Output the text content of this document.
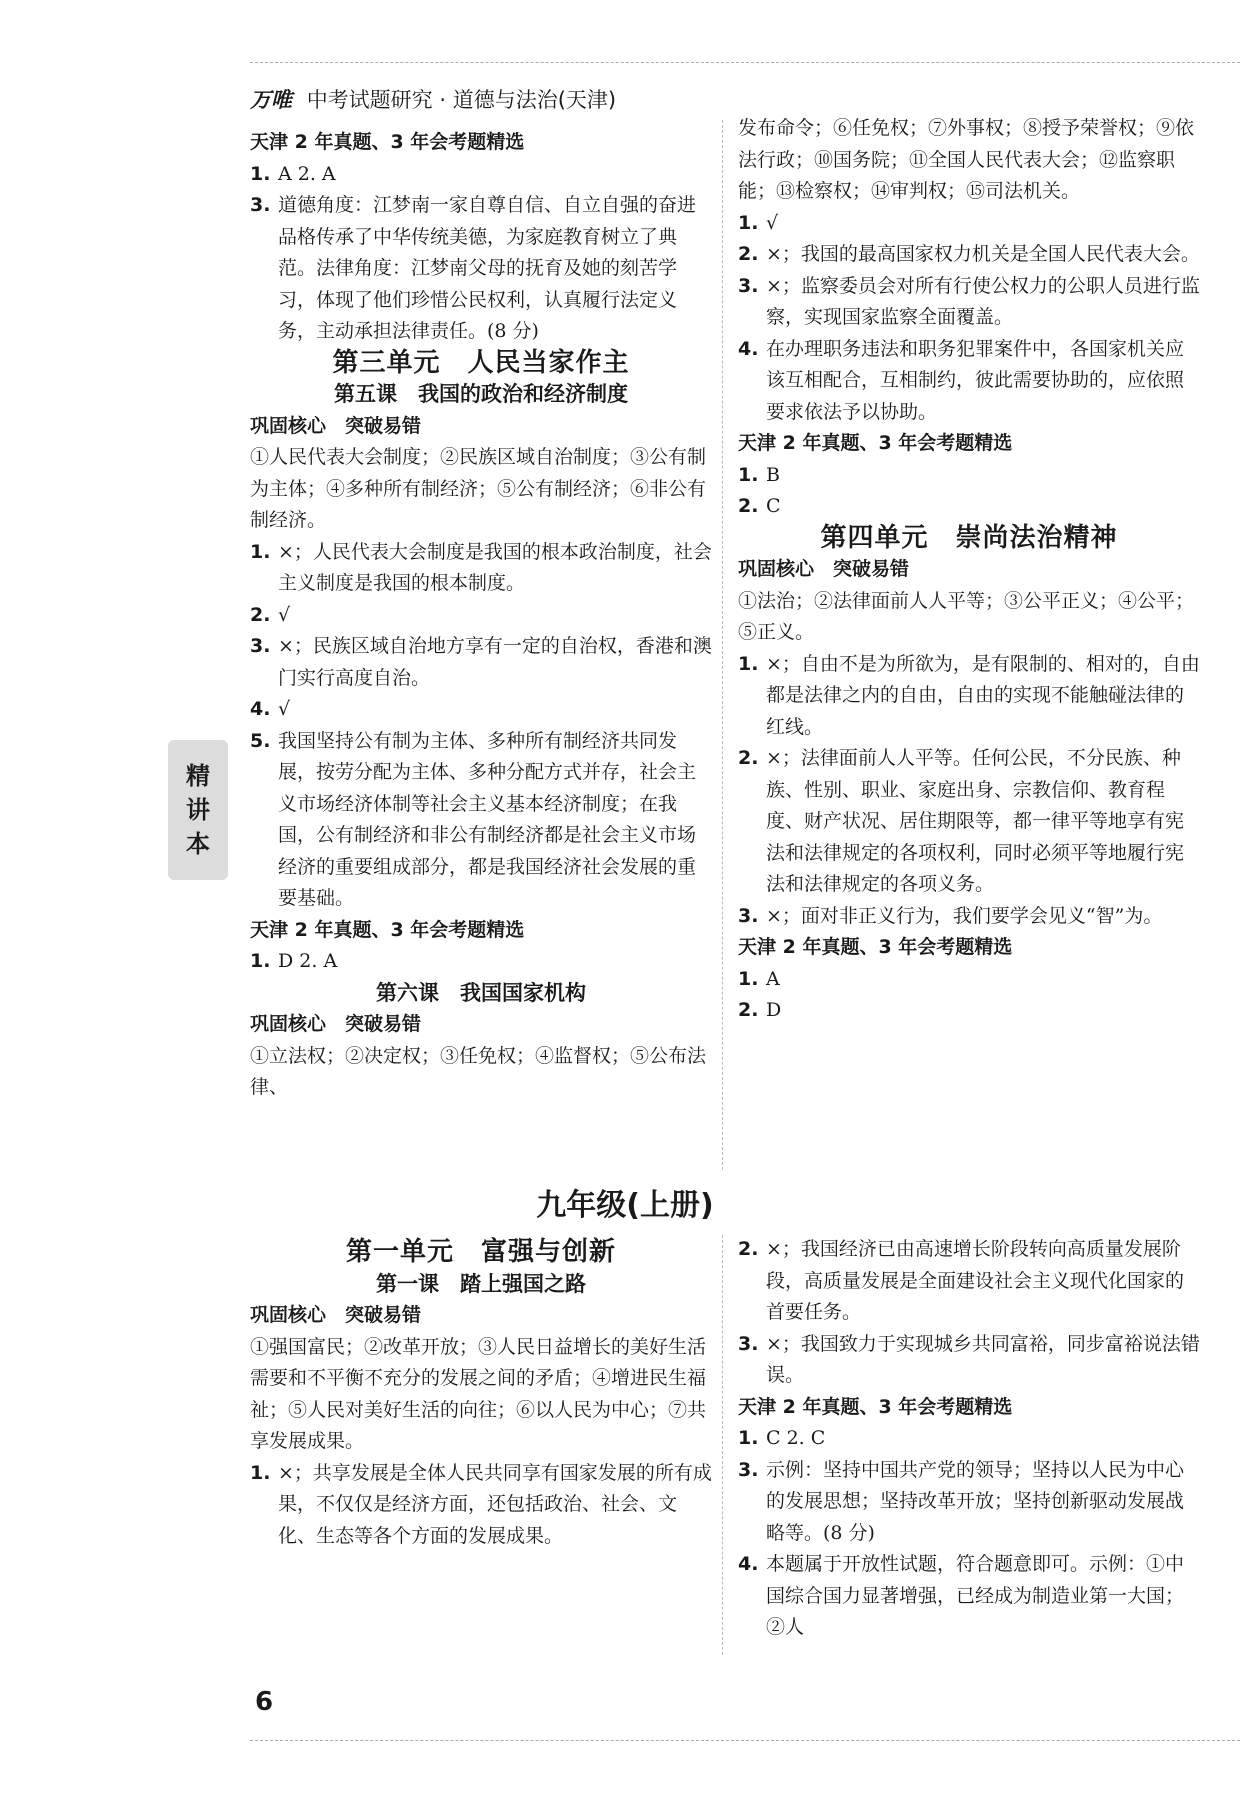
万唯 中考试题研究 · 道德与法治(天津)
精
讲
本

天津 2 年真题、3 年会考题精选

1. A 2. A

3. 道德角度：江梦南一家自尊自信、自立自强的奋进品格传承了中华传统美德，为家庭教育树立了典范。法律角度：江梦南父母的抚育及她的刻苦学习，体现了他们珍惜公民权利，认真履行法定义务，主动承担法律责任。(8 分)

第三单元　人民当家作主

第五课　我国的政治和经济制度

巩固核心　突破易错

①人民代表大会制度；②民族区域自治制度；③公有制为主体；④多种所有制经济；⑤公有制经济；⑥非公有制经济。

1. ×；人民代表大会制度是我国的根本政治制度，社会主义制度是我国的根本制度。

2. √

3. ×；民族区域自治地方享有一定的自治权，香港和澳门实行高度自治。

4. √

5. 我国坚持公有制为主体、多种所有制经济共同发展，按劳分配为主体、多种分配方式并存，社会主义市场经济体制等社会主义基本经济制度；在我国，公有制经济和非公有制经济都是社会主义市场经济的重要组成部分，都是我国经济社会发展的重要基础。

天津 2 年真题、3 年会考题精选

1. D 2. A

第六课　我国国家机构

巩固核心　突破易错

①立法权；②决定权；③任免权；④监督权；⑤公布法律、

发布命令；⑥任免权；⑦外事权；⑧授予荣誉权；⑨依法行政；⑩国务院；⑪全国人民代表大会；⑫监察职能；⑬检察权；⑭审判权；⑮司法机关。

1. √

2. ×；我国的最高国家权力机关是全国人民代表大会。

3. ×；监察委员会对所有行使公权力的公职人员进行监察，实现国家监察全面覆盖。

4. 在办理职务违法和职务犯罪案件中，各国家机关应该互相配合，互相制约，彼此需要协助的，应依照要求依法予以协助。

天津 2 年真题、3 年会考题精选

1. B

2. C

第四单元　崇尚法治精神

巩固核心　突破易错

①法治；②法律面前人人平等；③公平正义；④公平；⑤正义。

1. ×；自由不是为所欲为，是有限制的、相对的，自由都是法律之内的自由，自由的实现不能触碰法律的红线。

2. ×；法律面前人人平等。任何公民，不分民族、种族、性别、职业、家庭出身、宗教信仰、教育程度、财产状况、居住期限等，都一律平等地享有宪法和法律规定的各项权利，同时必须平等地履行宪法和法律规定的各项义务。

3. ×；面对非正义行为，我们要学会见义“智”为。

天津 2 年真题、3 年会考题精选

1. A

2. D

九年级(上册)

第一单元　富强与创新

第一课　踏上强国之路

巩固核心　突破易错

①强国富民；②改革开放；③人民日益增长的美好生活需要和不平衡不充分的发展之间的矛盾；④增进民生福祉；⑤人民对美好生活的向往；⑥以人民为中心；⑦共享发展成果。

1. ×；共享发展是全体人民共同享有国家发展的所有成果，不仅仅是经济方面，还包括政治、社会、文化、生态等各个方面的发展成果。

2. ×；我国经济已由高速增长阶段转向高质量发展阶段，高质量发展是全面建设社会主义现代化国家的首要任务。

3. ×；我国致力于实现城乡共同富裕，同步富裕说法错误。

天津 2 年真题、3 年会考题精选

1. C 2. C

3. 示例：坚持中国共产党的领导；坚持以人民为中心的发展思想；坚持改革开放；坚持创新驱动发展战略等。(8 分)

4. 本题属于开放性试题，符合题意即可。示例：①中国综合国力显著增强，已经成为制造业第一大国；②人

6
